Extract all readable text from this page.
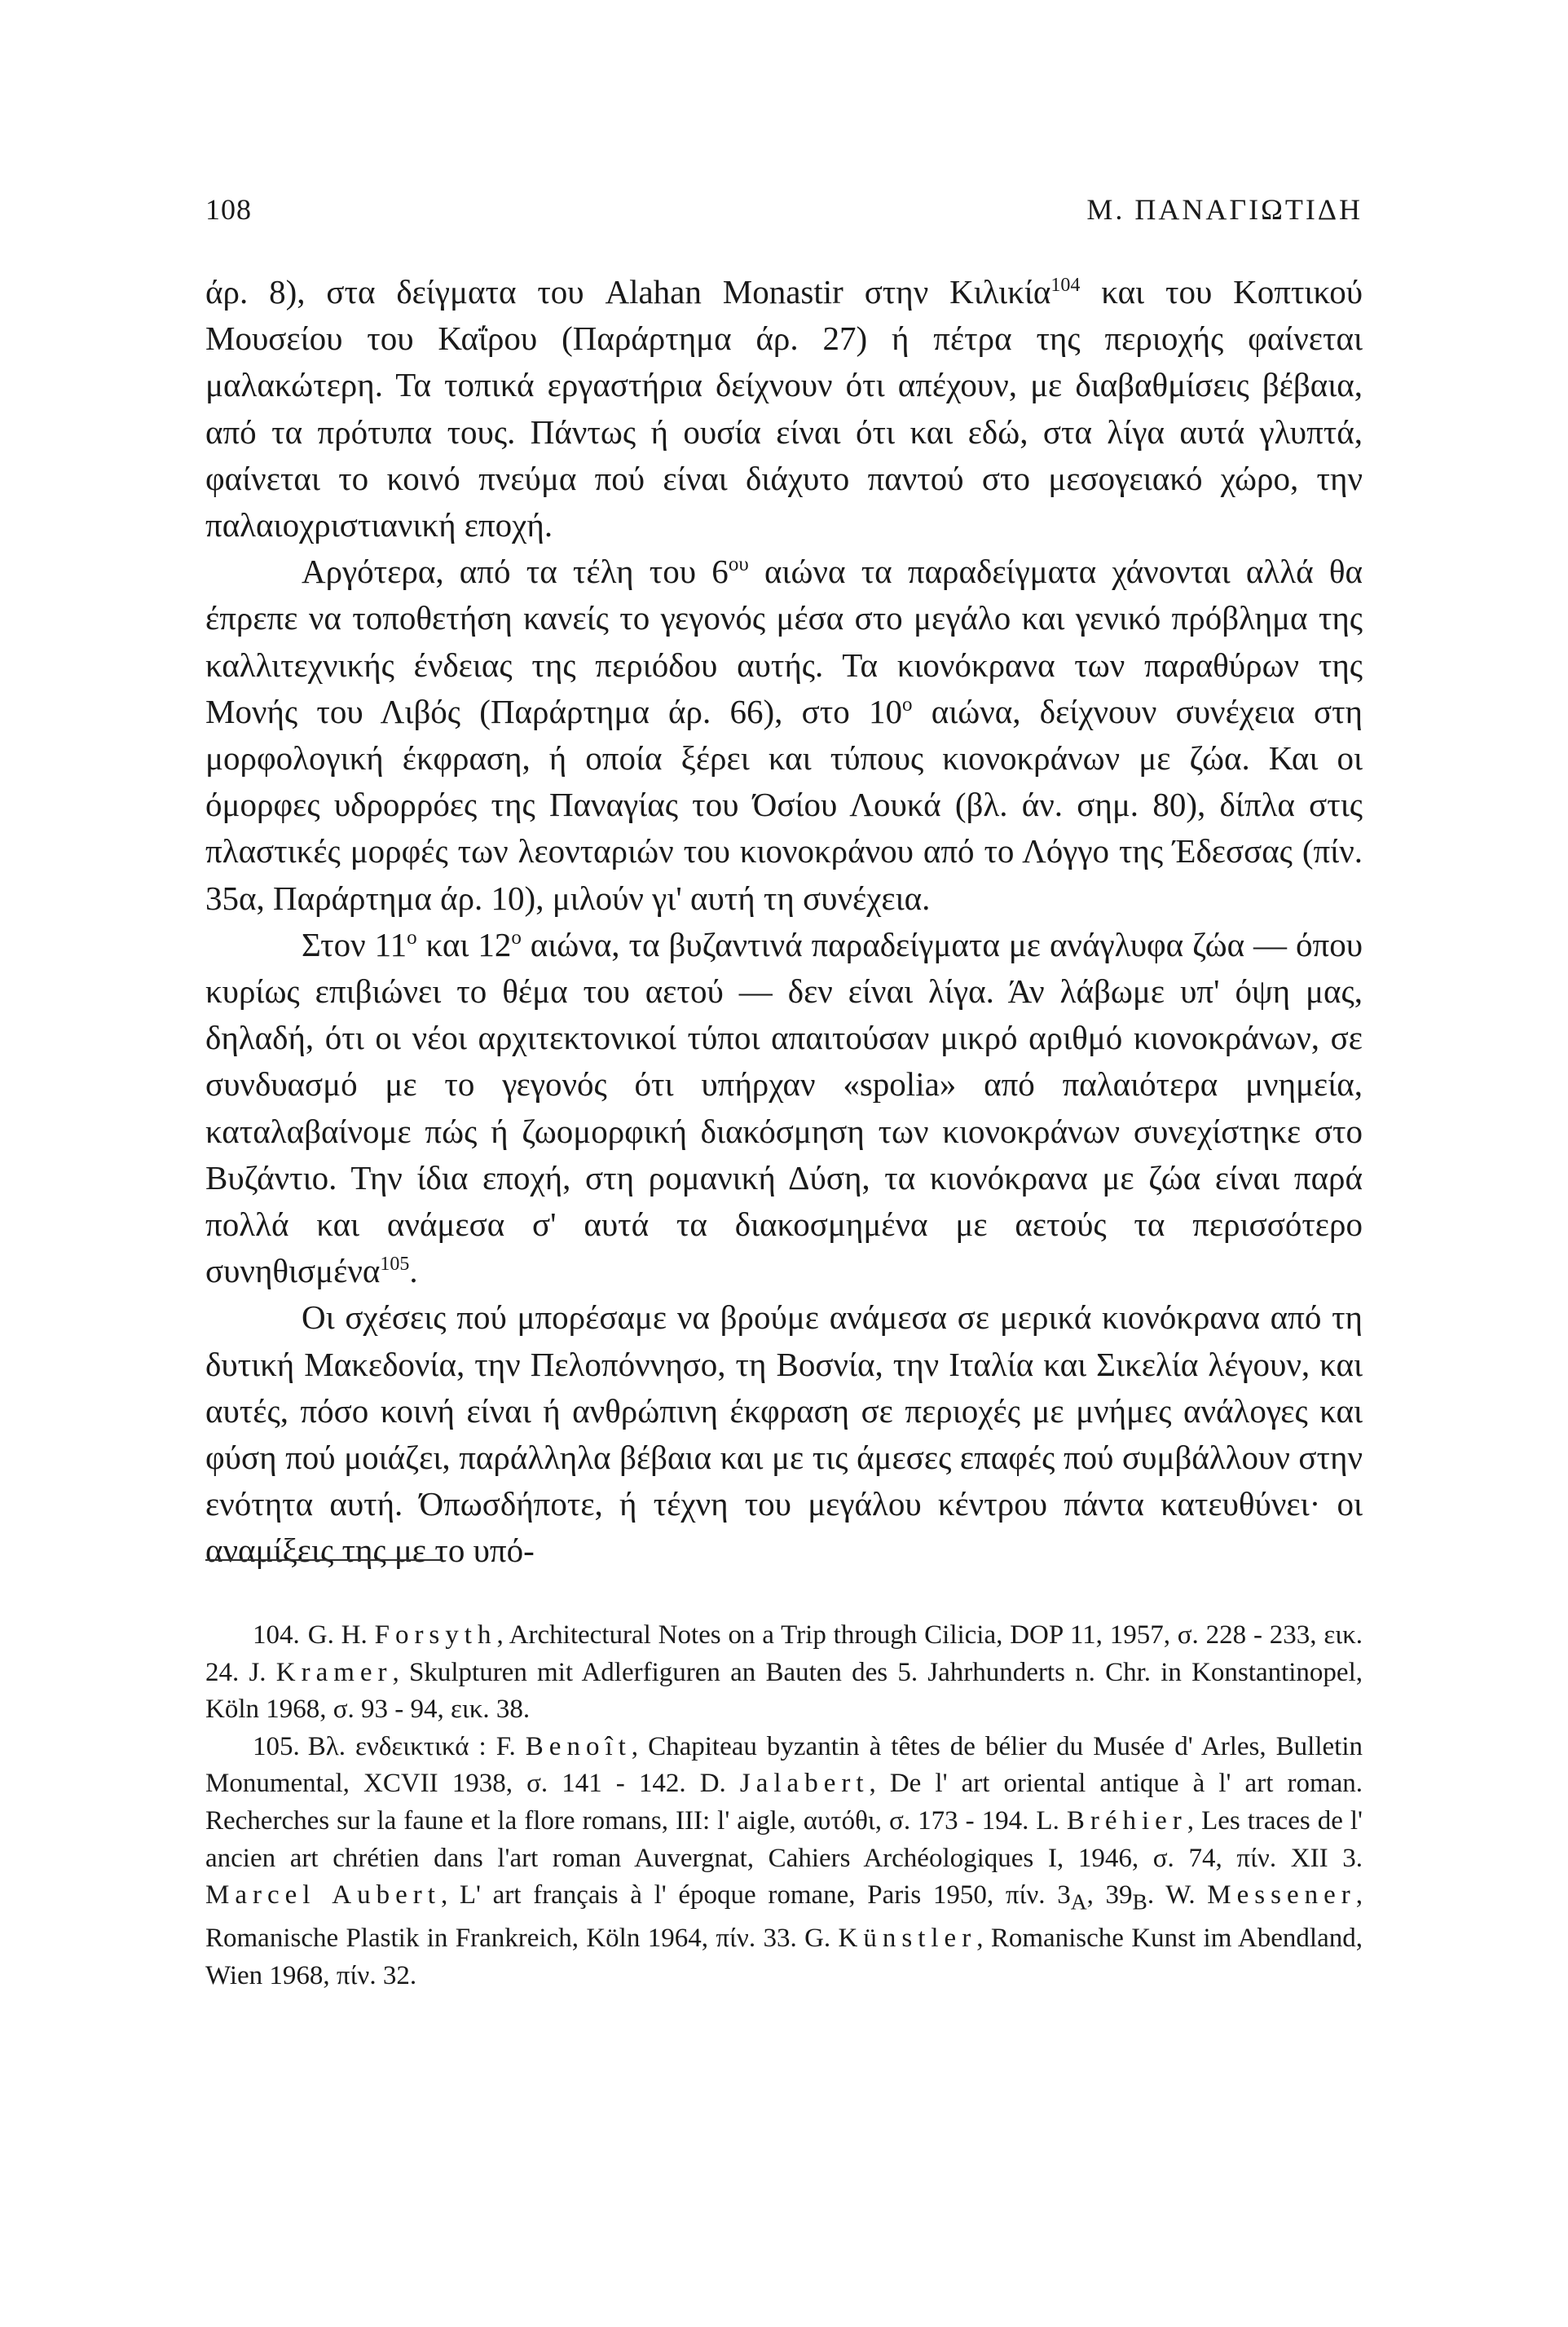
108	Μ. ΠΑΝΑΓΙΩΤΙΔΗ

άρ. 8), στα δείγματα του Alahan Monastir στην Κιλικία$^{104}$ και του Κοπτικού Μουσείου του Καΐρου (Παράρτημα άρ. 27) ή πέτρα της περιοχής φαίνεται μαλακώτερη. Τα τοπικά εργαστήρια δείχνουν ότι απέχουν, με διαβαθμίσεις βέβαια, από τα πρότυπα τους. Πάντως ή ουσία είναι ότι και εδώ, στα λίγα αυτά γλυπτά, φαίνεται το κοινό πνεύμα πού είναι διάχυτο παντού στο μεσογειακό χώρο, την παλαιοχριστιανική εποχή.

Αργότερα, από τα τέλη του $6^{o\upsilon}$ αιώνα τα παραδείγματα χάνονται αλλά θα έπρεπε να τοποθετήση κανείς το γεγονός μέσα στο μεγάλο και γενικό πρόβλημα της καλλιτεχνικής ένδειας της περιόδου αυτής. Τα κιονόκρανα των παραθύρων της Μονής του Λιβός (Παράρτημα άρ. 66), στο $10^o$ αιώνα, δείχνουν συνέχεια στη μορφολογική έκφραση, ή οποία ξέρει και τύπους κιονοκράνων με ζώα. Και οι όμορφες υδρορρόες της Παναγίας του Όσίου Λουκά (βλ. άν. σημ. 80), δίπλα στις πλαστικές μορφές των λεονταριών του κιονοκράνου από το Λόγγο της Έδεσσας (πίν. 35α, Παράρτημα άρ. 10), μιλούν γι' αυτή τη συνέχεια.

Στον $11^o$ και $12^o$ αιώνα, τα βυζαντινά παραδείγματα με ανάγλυφα ζώα — όπου κυρίως επιβιώνει το θέμα του αετού — δεν είναι λίγα. Άν λάβωμε υπ' όψη μας, δηλαδή, ότι οι νέοι αρχιτεκτονικοί τύποι απαιτούσαν μικρό αριθμό κιονοκράνων, σε συνδυασμό με το γεγονός ότι υπήρχαν «spolia» από παλαιότερα μνημεία, καταλαβαίνομε πώς ή ζωομορφική διακόσμηση των κιονοκράνων συνεχίστηκε στο Βυζάντιο. Την ίδια εποχή, στη ρομανική Δύση, τα κιονόκρανα με ζώα είναι παρά πολλά και ανάμεσα σ' αυτά τα διακοσμημένα με αετούς τα περισσότερο συνηθισμένα$^{105}$.

Οι σχέσεις πού μπορέσαμε να βρούμε ανάμεσα σε μερικά κιονόκρανα από τη δυτική Μακεδονία, την Πελοπόννησο, τη Βοσνία, την Ιταλία και Σικελία λέγουν, και αυτές, πόσο κοινή είναι ή ανθρώπινη έκφραση σε περιοχές με μνήμες ανάλογες και φύση πού μοιάζει, παράλληλα βέβαια και με τις άμεσες επαφές πού συμβάλλουν στην ενότητα αυτή. Όπωσδήποτε, ή τέχνη του μεγάλου κέντρου πάντα κατευθύνει· οι αναμίξεις της με το υπό-

104. G. H. Forsyth, Architectural Notes on a Trip through Cilicia, DOP 11, 1957, σ. 228 - 233, εικ. 24. J. Kramer, Skulpturen mit Adlerfiguren an Bauten des 5. Jahrhunderts n. Chr. in Konstantinopel, Köln 1968, σ. 93 - 94, εικ. 38.

105. Βλ. ενδεικτικά : F. Benoît, Chapiteau byzantin à têtes de bélier du Musée d' Arles, Bulletin Monumental, XCVII 1938, σ. 141 - 142. D. Jalabert, De l' art oriental antique à l' art roman. Recherches sur la faune et la flore romans, III: l' aigle, αυτόθι, σ. 173 - 194. L. Bréhier, Les traces de l' ancien art chrétien dans l'art roman Auvergnat, Cahiers Archéologiques I, 1946, σ. 74, πίν. XII 3. Marcel Aubert, L' art français à l' époque romane, Paris 1950, πίν. $3_A$, $39_B$. W. Messener, Romanische Plastik in Frankreich, Köln 1964, πίν. 33. G. Künstler, Romanische Kunst im Abendland, Wien 1968, πίν. 32.
